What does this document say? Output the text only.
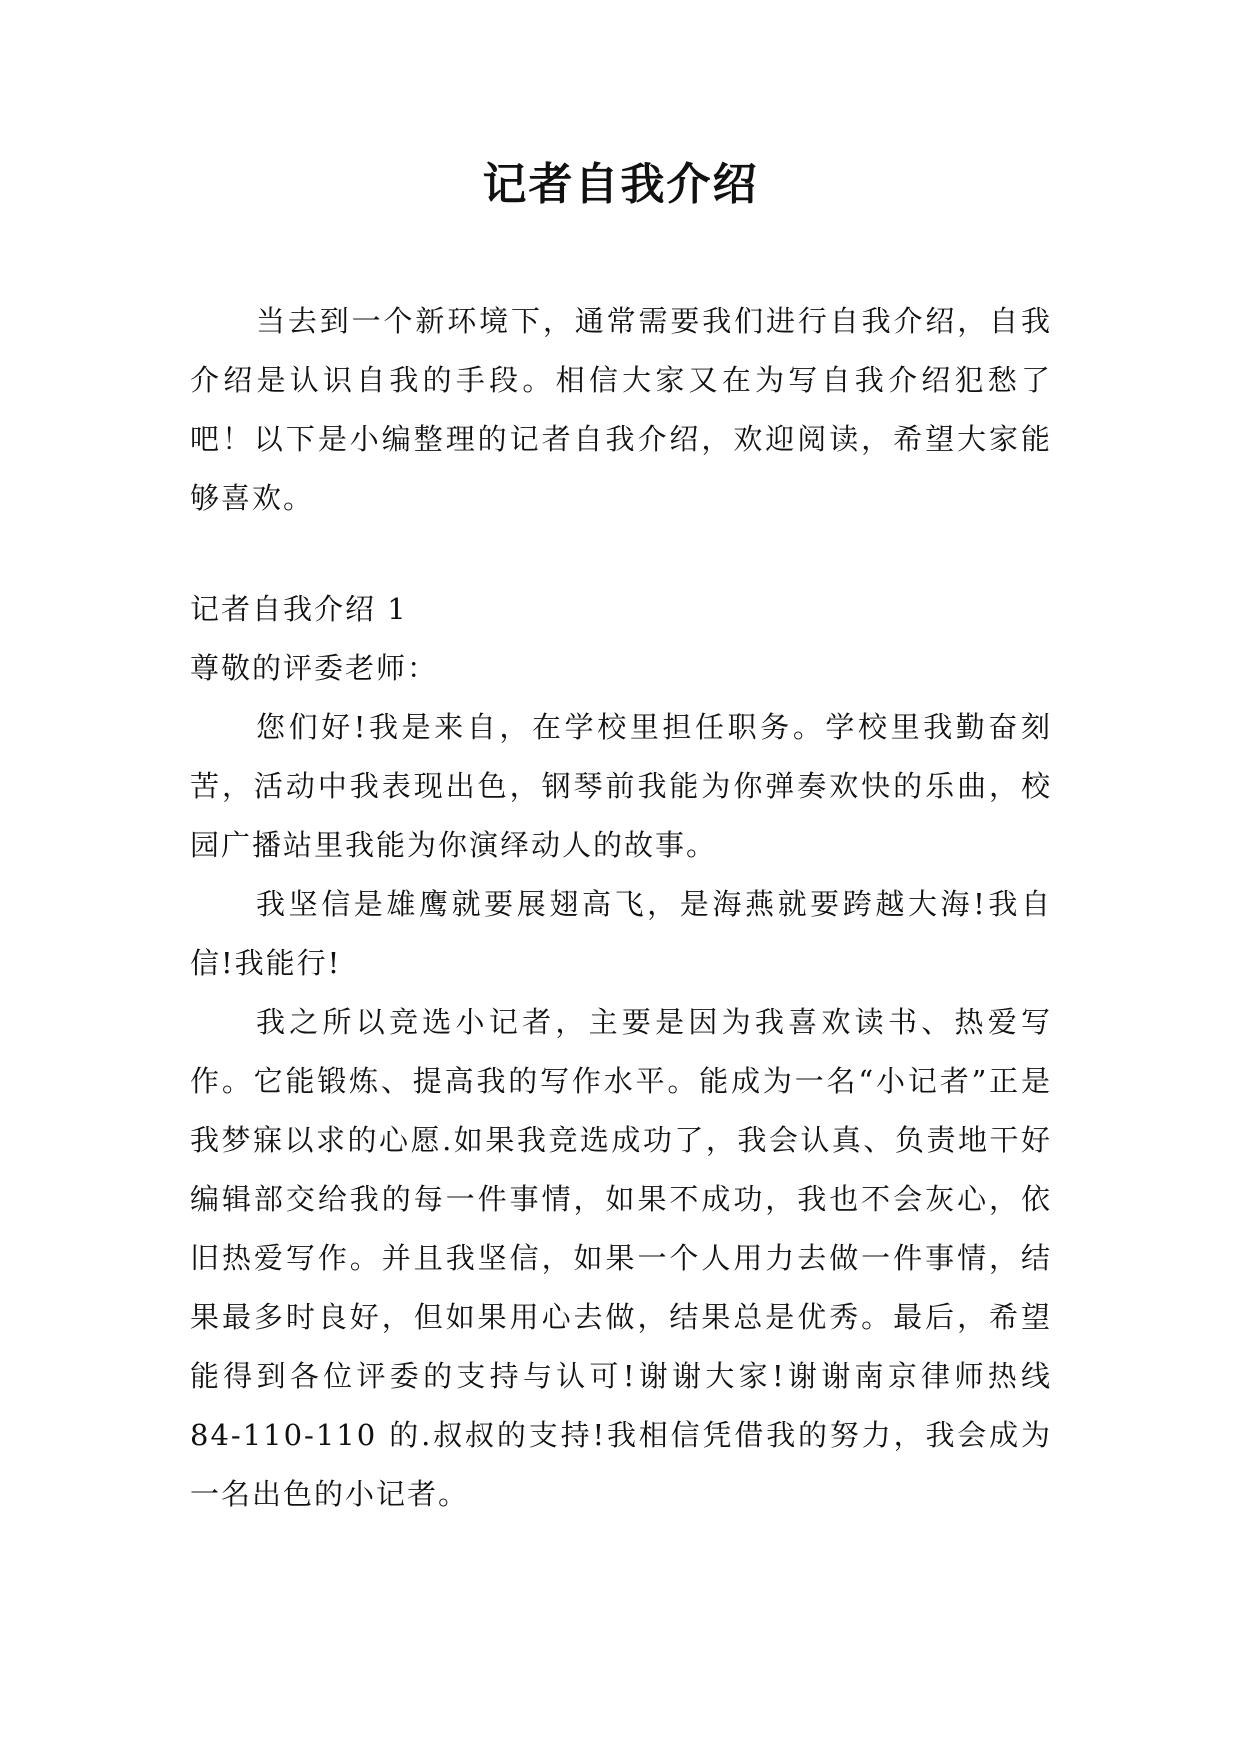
记者自我介绍

当去到一个新环境下，通常需要我们进行自我介绍，自我介绍是认识自我的手段。相信大家又在为写自我介绍犯愁了吧！以下是小编整理的记者自我介绍，欢迎阅读，希望大家能够喜欢。

记者自我介绍 1

尊敬的评委老师：

您们好!我是来自，在学校里担任职务。学校里我勤奋刻苦，活动中我表现出色，钢琴前我能为你弹奏欢快的乐曲，校园广播站里我能为你演绎动人的故事。

我坚信是雄鹰就要展翅高飞，是海燕就要跨越大海!我自信!我能行!

我之所以竞选小记者，主要是因为我喜欢读书、热爱写作。它能锻炼、提高我的写作水平。能成为一名“小记者”正是我梦寐以求的心愿.如果我竞选成功了，我会认真、负责地干好编辑部交给我的每一件事情，如果不成功，我也不会灰心，依旧热爱写作。并且我坚信，如果一个人用力去做一件事情，结果最多时良好，但如果用心去做，结果总是优秀。最后，希望能得到各位评委的支持与认可!谢谢大家!谢谢南京律师热线 84-110-110 的.叔叔的支持!我相信凭借我的努力，我会成为一名出色的小记者。
